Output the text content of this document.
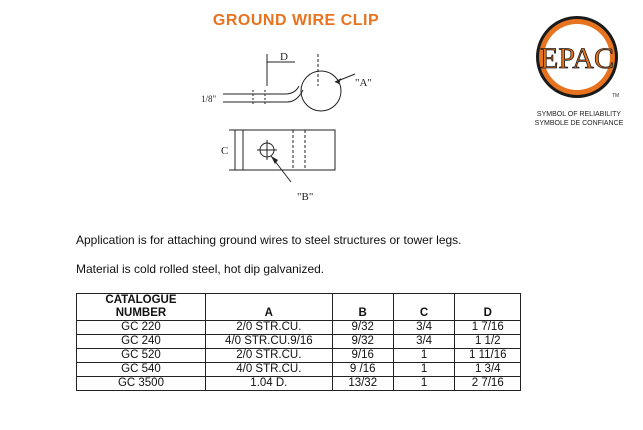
GROUND WIRE CLIP
EPAC
TM
SYMBOL OF RELIABILITY
SYMBOLE DE CONFIANCE
D
"A"
"B"
C
1/8"
Application is for attaching ground wires to steel structures or tower legs.
Material is cold rolled steel, hot dip galvanized.
CATALOGUE
NUMBER	A	B	C	D
GC 220	2/0 STR.CU.	9/32	3/4	1 7/16
GC 240	4/0 STR.CU.9/16	9/32	3/4	1 1/2
GC 520	2/0 STR.CU.	9/16	1	1 11/16
GC 540	4/0 STR.CU.	9 /16	1	1 3/4
GC 3500	1.04 D.	13/32	1	2 7/16
